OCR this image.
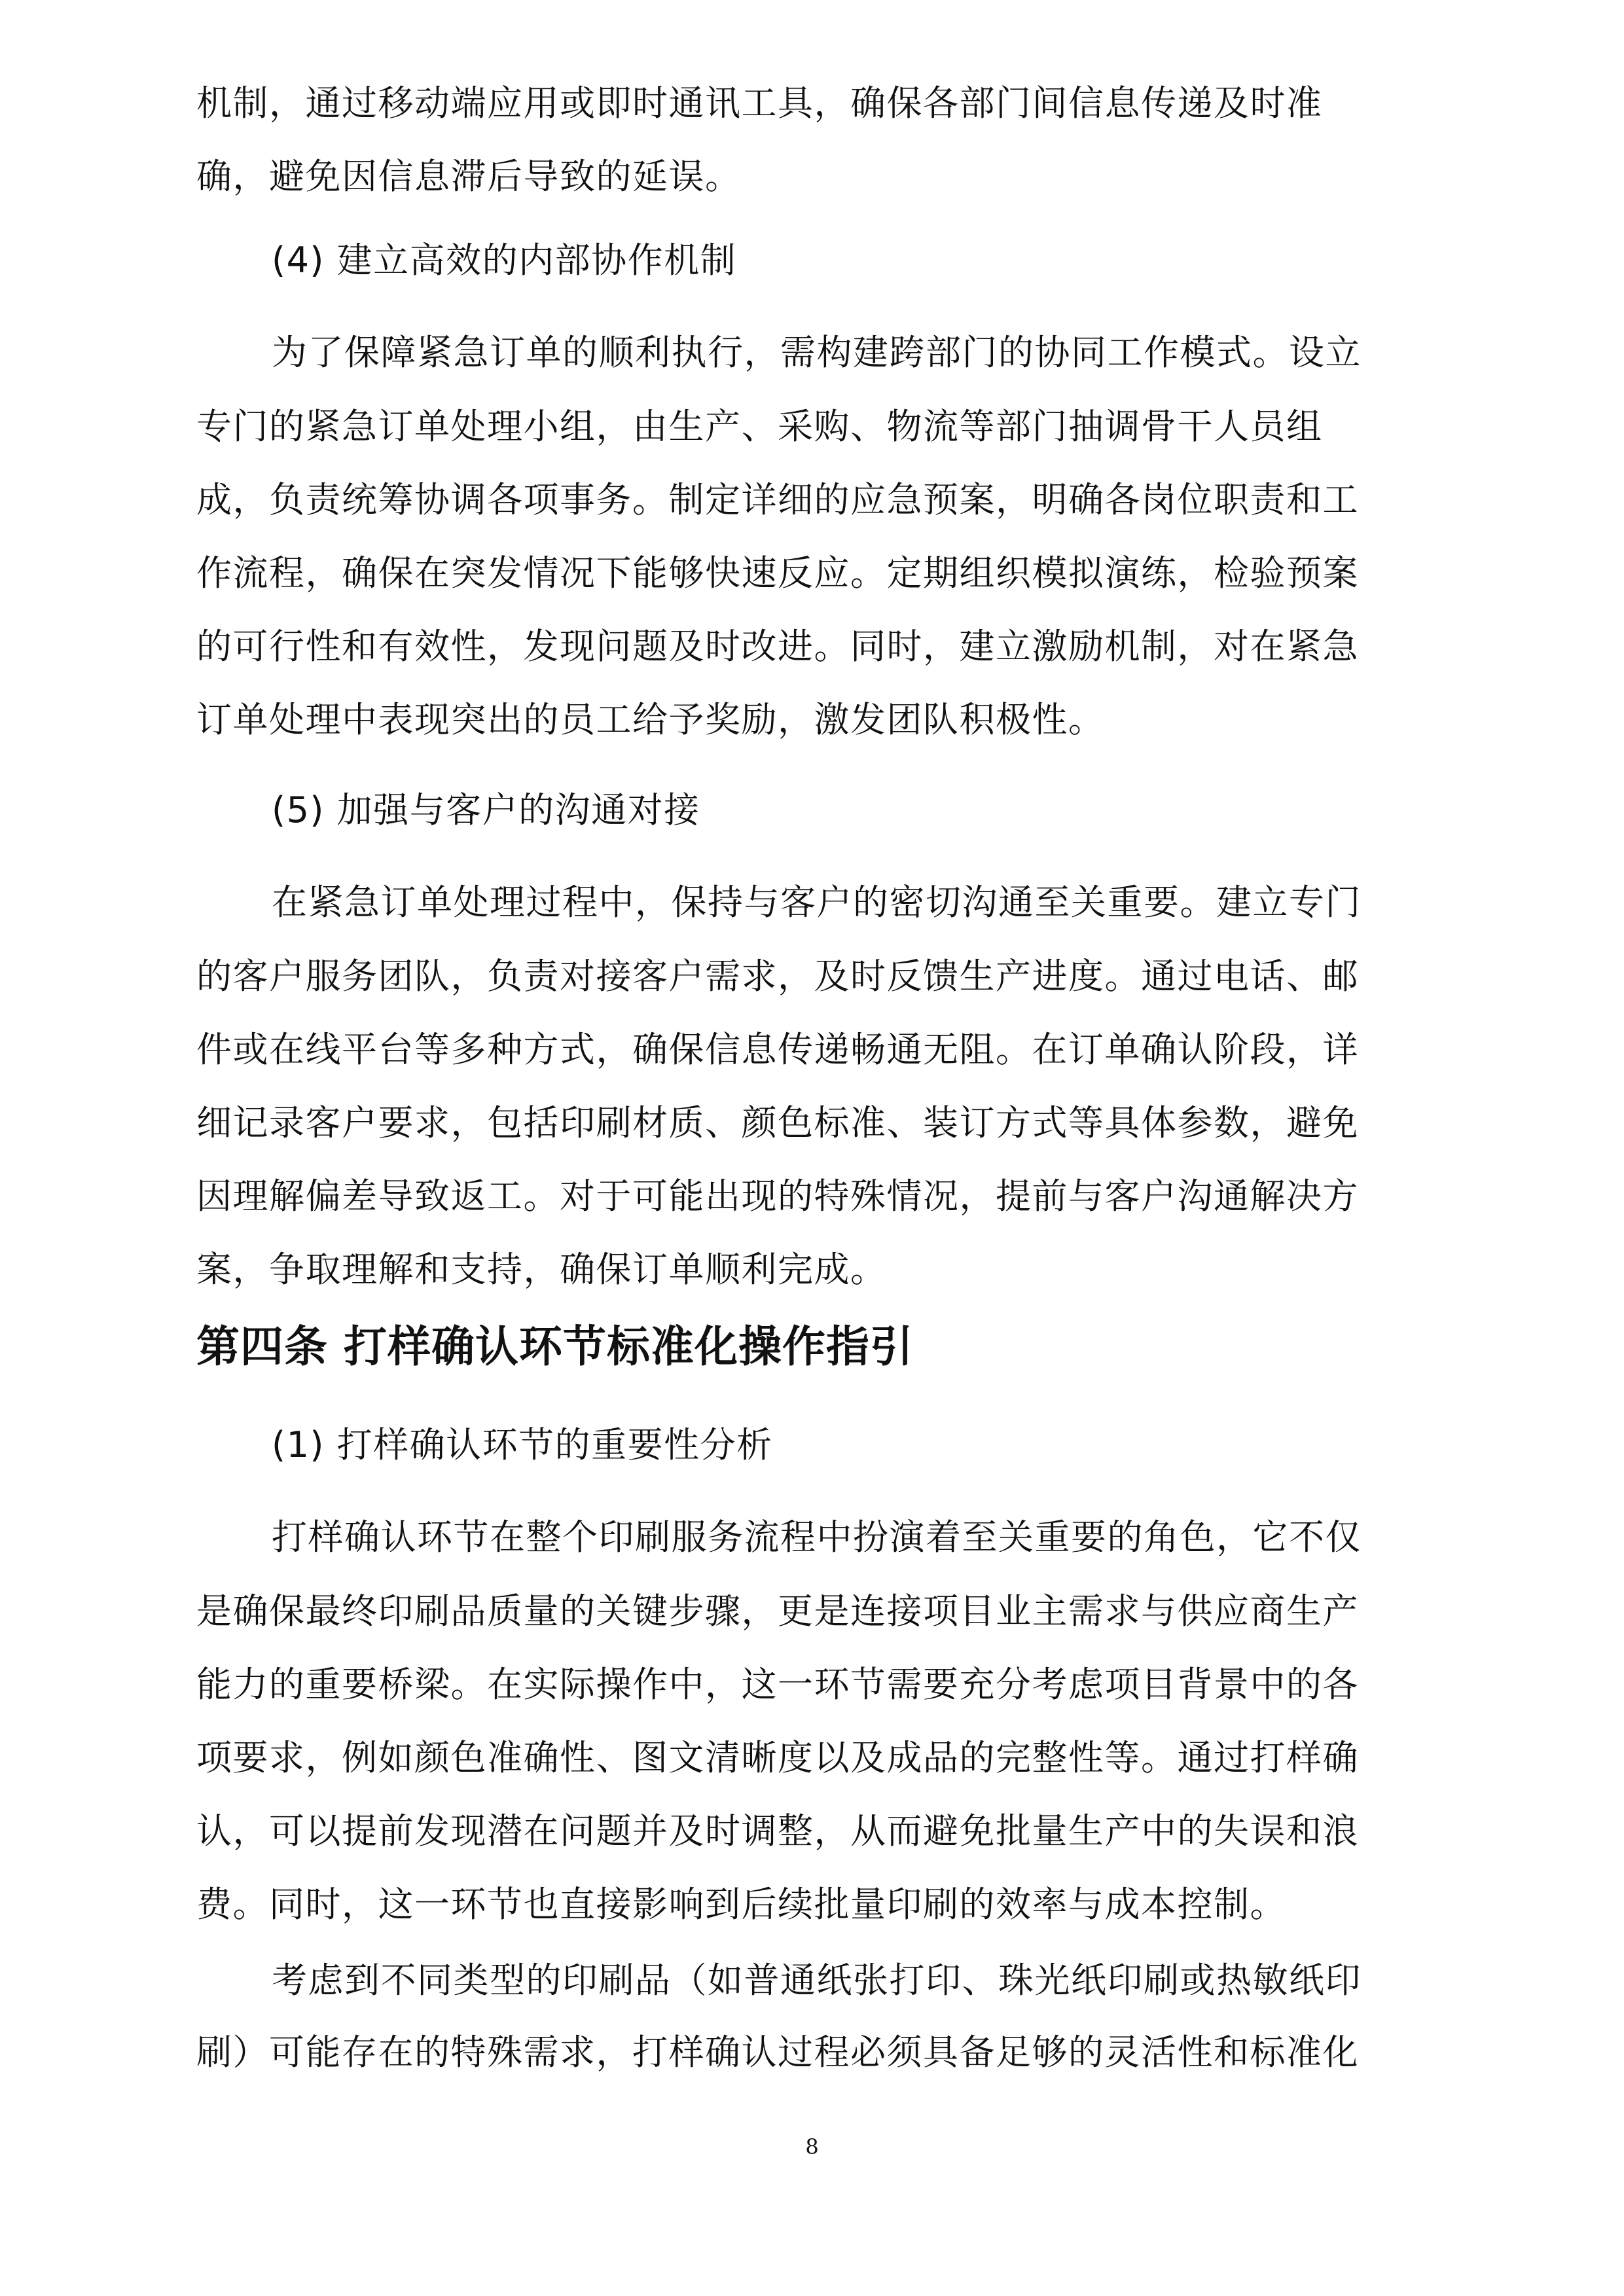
机制，通过移动端应用或即时通讯工具，确保各部门间信息传递及时准
确，避免因信息滞后导致的延误。
(4) 建立高效的内部协作机制
为了保障紧急订单的顺利执行，需构建跨部门的协同工作模式。设立
专门的紧急订单处理小组，由生产、采购、物流等部门抽调骨干人员组
成，负责统筹协调各项事务。制定详细的应急预案，明确各岗位职责和工
作流程，确保在突发情况下能够快速反应。定期组织模拟演练，检验预案
的可行性和有效性，发现问题及时改进。同时，建立激励机制，对在紧急
订单处理中表现突出的员工给予奖励，激发团队积极性。
(5) 加强与客户的沟通对接
在紧急订单处理过程中，保持与客户的密切沟通至关重要。建立专门
的客户服务团队，负责对接客户需求，及时反馈生产进度。通过电话、邮
件或在线平台等多种方式，确保信息传递畅通无阻。在订单确认阶段，详
细记录客户要求，包括印刷材质、颜色标准、装订方式等具体参数，避免
因理解偏差导致返工。对于可能出现的特殊情况，提前与客户沟通解决方
案，争取理解和支持，确保订单顺利完成。
第四条 打样确认环节标准化操作指引
(1) 打样确认环节的重要性分析
打样确认环节在整个印刷服务流程中扮演着至关重要的角色，它不仅
是确保最终印刷品质量的关键步骤，更是连接项目业主需求与供应商生产
能力的重要桥梁。在实际操作中，这一环节需要充分考虑项目背景中的各
项要求，例如颜色准确性、图文清晰度以及成品的完整性等。通过打样确
认，可以提前发现潜在问题并及时调整，从而避免批量生产中的失误和浪
费。同时，这一环节也直接影响到后续批量印刷的效率与成本控制。
考虑到不同类型的印刷品（如普通纸张打印、珠光纸印刷或热敏纸印
刷）可能存在的特殊需求，打样确认过程必须具备足够的灵活性和标准化
8
